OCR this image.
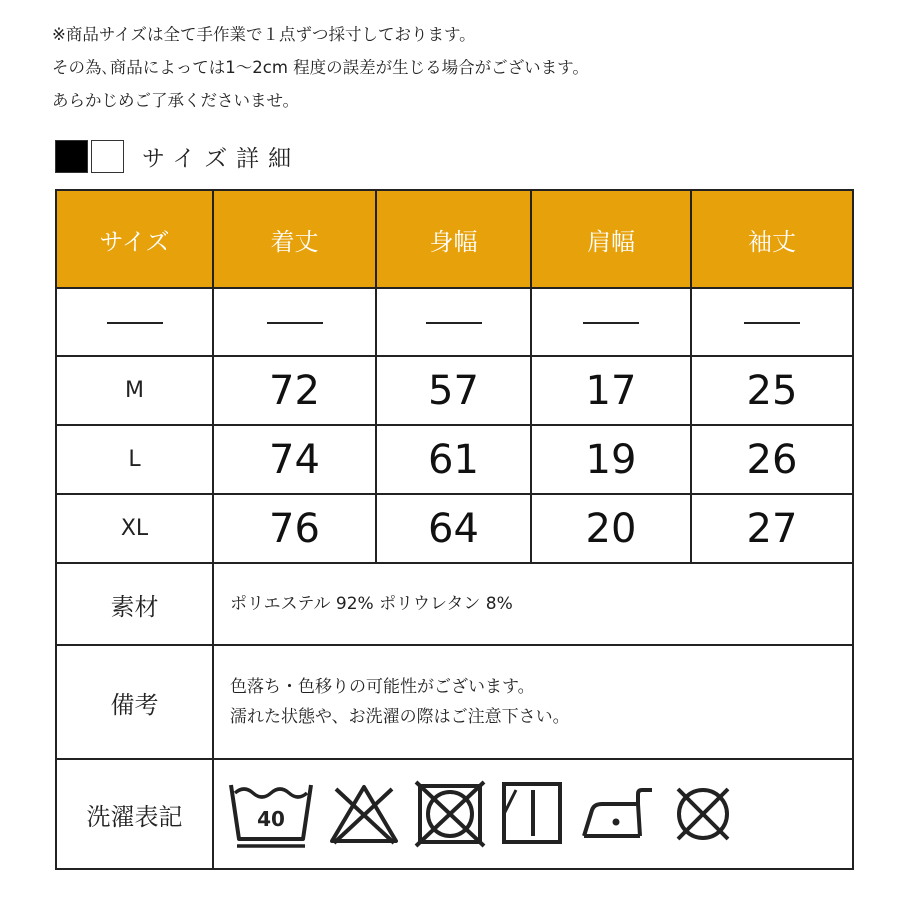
※商品サイズは全て手作業で１点ずつ採寸しております。
その為､商品によっては1〜2cm 程度の誤差が生じる場合がございます。
あらかじめご了承くださいませ。
サイズ詳細
サイズ	着丈	身幅	肩幅	袖丈

M	72	57	17	25
L	74	61	19	26
XL	76	64	20	27
素材	ポリエステル 92% ポリウレタン 8%			
備考	色落ち・色移りの可能性がございます。
濡れた状態や、お洗濯の際はご注意下さい。			

洗濯表記	40			
